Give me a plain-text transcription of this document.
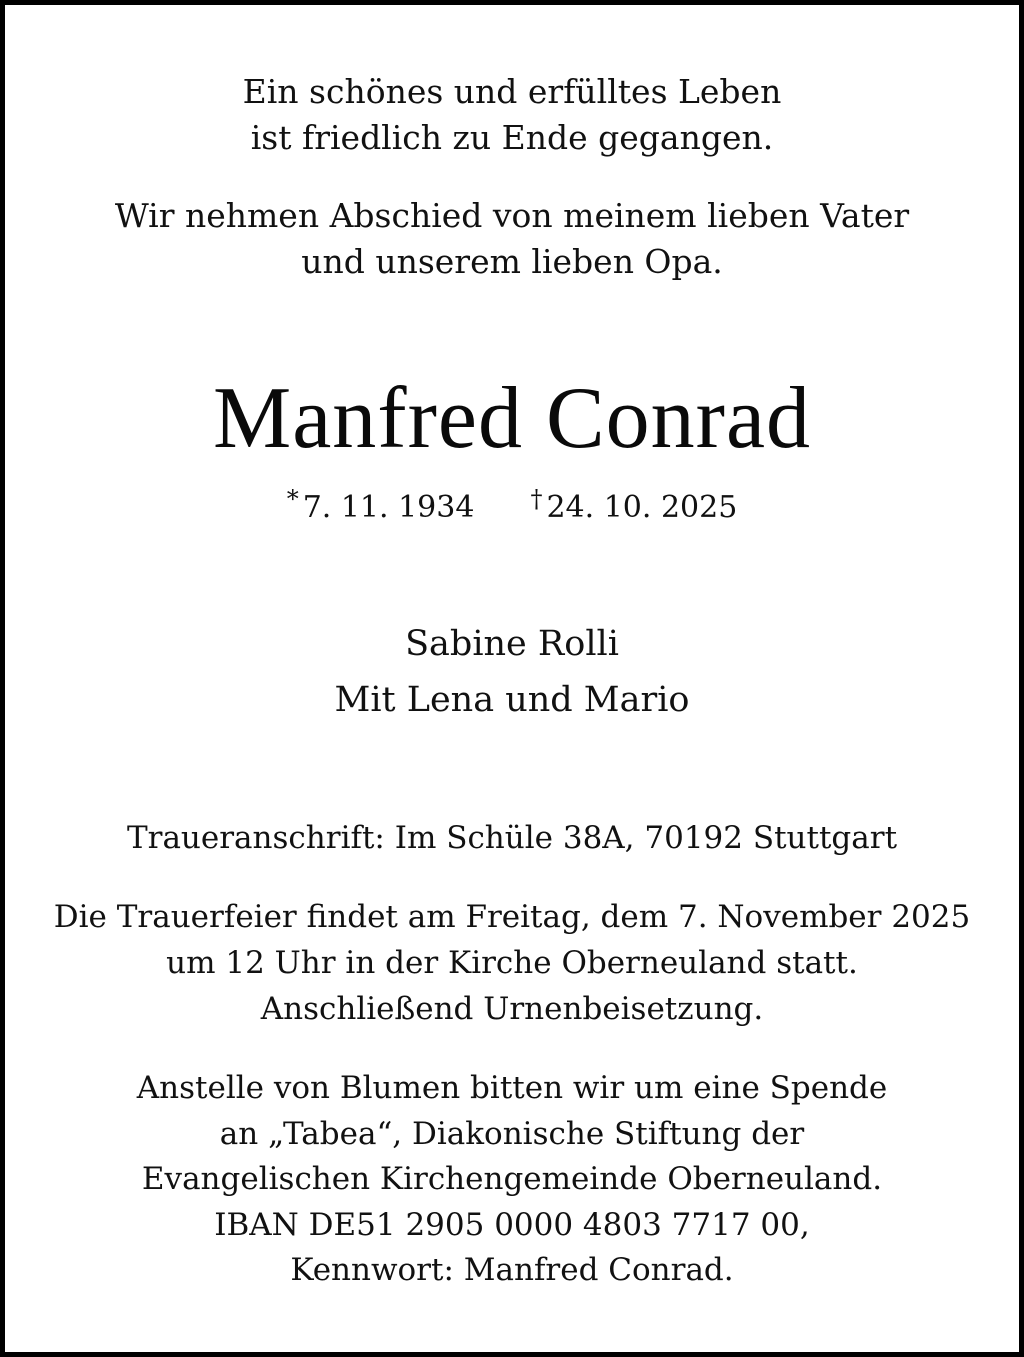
Ein schönes und erfülltes Leben
ist friedlich zu Ende gegangen.
Wir nehmen Abschied von meinem lieben Vater
und unserem lieben Opa.
Manfred Conrad
* 7. 11. 1934 † 24. 10. 2025
Sabine Rolli
Mit Lena und Mario
Traueranschrift: Im Schüle 38A, 70192 Stuttgart
Die Trauerfeier findet am Freitag, dem 7. November 2025
um 12 Uhr in der Kirche Oberneuland statt.
Anschließend Urnenbeisetzung.
Anstelle von Blumen bitten wir um eine Spende
an „Tabea“, Diakonische Stiftung der
Evangelischen Kirchengemeinde Oberneuland.
IBAN DE51 2905 0000 4803 7717 00,
Kennwort: Manfred Conrad.
